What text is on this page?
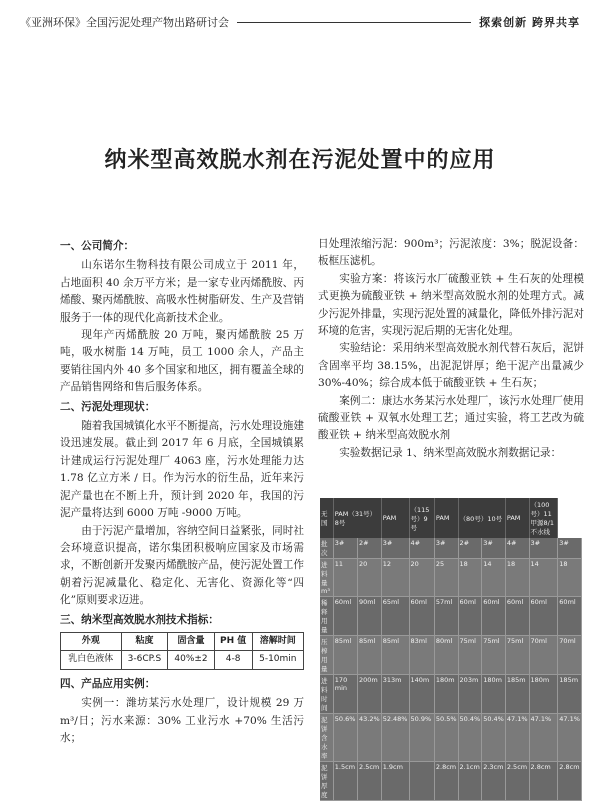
《亚洲环保》全国污泥处理产物出路研讨会	探索创新 跨界共享
纳米型高效脱水剂在污泥处置中的应用
一、公司简介：

山东诺尔生物科技有限公司成立于 2011 年，占地面积 40 余万平方米；是一家专业丙烯酰胺、丙烯酸、聚丙烯酰胺、高吸水性树脂研发、生产及营销服务于一体的现代化高新技术企业。

现年产丙烯酰胺 20 万吨，聚丙烯酰胺 25 万吨，吸水树脂 14 万吨，员工 1000 余人，产品主要销往国内外 40 多个国家和地区，拥有覆盖全球的产品销售网络和售后服务体系。

二、污泥处理现状：

随着我国城镇化水平不断提高，污水处理设施建设迅速发展。截止到 2017 年 6 月底，全国城镇累计建成运行污泥处理厂 4063 座，污水处理能力达 1.78 亿立方米 / 日。作为污水的衍生品，近年来污泥产量也在不断上升，预计到 2020 年，我国的污泥产量将达到 6000 万吨 -9000 万吨。

由于污泥产量增加，容纳空间日益紧张，同时社会环境意识提高，诺尔集团积极响应国家及市场需求，不断创新开发聚丙烯酰胺产品，使污泥处置工作朝着污泥减量化、稳定化、无害化、资源化等“四化”原则要求迈进。

三、纳米型高效脱水剂技术指标：
外观	粘度	固含量	PH 值	溶解时间
乳白色液体	3-6CP.S	40%±2	4-8	5-10min
四、产品应用实例：

实例一：潍坊某污水处理厂，设计规模 29 万 m³/日；污水来源：30% 工业污水 +70% 生活污水；

日处理浓缩污泥：900m³；污泥浓度：3%；脱泥设备：板框压滤机。

实验方案：将该污水厂硫酸亚铁 + 生石灰的处理模式更换为硫酸亚铁 + 纳米型高效脱水剂的处理方式。减少污泥外排量，实现污泥处置的减量化，降低外排污泥对环境的危害，实现污泥后期的无害化处理。

实验结论：采用纳米型高效脱水剂代替石灰后，泥饼含固率平均 38.15%，出泥泥饼厚；绝干泥产出量减少 30%-40%；综合成本低于硫酸亚铁 + 生石灰；

案例二：康达水务某污水处理厂，该污水处理厂使用硫酸亚铁 + 双氧水处理工艺；通过实验，将工艺改为硫酸亚铁 + 纳米型高效脱水剂

实验数据记录 1、纳米型高效脱水剂数据记录：

无国	PAM（31号）8号		PAM	（115号）9号	PAM	（80号）10号		PAM	（100号）11 甲源8/1不水线	
批次	3#	2#	3#	4#	3#	2#	3#	4#	3#	3#
进料量m³	11	20	12	20	25	18	14	18	14	18
稀释用量	60ml	90ml	65ml	60ml	57ml	60ml	60ml	60ml	60ml	60ml
压榨用量	85ml	85ml	85ml	83ml	80ml	75ml	75ml	75ml	70ml	70ml
进料时间	170 min	200m	313m	140m	180m	203m	180m	185m	180m	185m
泥饼含水率	50.6%	43.2%	52.48%	50.9%	50.5%	50.4%	50.4%	47.1%	47.1%	47.1%
泥饼厚度	1.5cm	2.5cm	1.9cm		2.8cm	2.1cm	2.3cm	2.5cm	2.8cm	2.8cm
